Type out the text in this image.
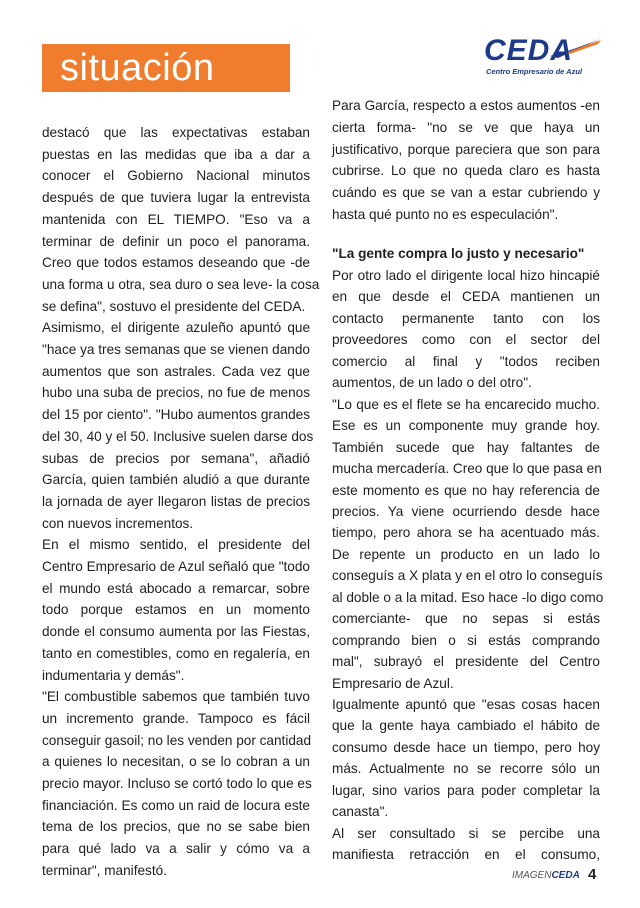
situación	CEDA
Centro Empresario de Azul
destacó que las expectativas estaban
puestas en las medidas que iba a dar a
conocer el Gobierno Nacional minutos
después de que tuviera lugar la entrevista
mantenida con EL TIEMPO. "Eso va a
terminar de definir un poco el panorama.
Creo que todos estamos deseando que -de
una forma u otra, sea duro o sea leve- la cosa
se defina", sostuvo el presidente del CEDA.
Asimismo, el dirigente azuleño apuntó que
"hace ya tres semanas que se vienen dando
aumentos que son astrales. Cada vez que
hubo una suba de precios, no fue de menos
del 15 por ciento". "Hubo aumentos grandes
del 30, 40 y el 50. Inclusive suelen darse dos
subas de precios por semana", añadió
García, quien también aludió a que durante
la jornada de ayer llegaron listas de precios
con nuevos incrementos.
En el mismo sentido, el presidente del
Centro Empresario de Azul señaló que "todo
el mundo está abocado a remarcar, sobre
todo porque estamos en un momento
donde el consumo aumenta por las Fiestas,
tanto en comestibles, como en regalería, en
indumentaria y demás".
"El combustible sabemos que también tuvo
un incremento grande. Tampoco es fácil
conseguir gasoil; no les venden por cantidad
a quienes lo necesitan, o se lo cobran a un
precio mayor. Incluso se cortó todo lo que es
financiación. Es como un raid de locura este
tema de los precios, que no se sabe bien
para qué lado va a salir y cómo va a
terminar", manifestó.
Para García, respecto a estos aumentos -en
cierta forma- "no se ve que haya un
justificativo, porque pareciera que son para
cubrirse. Lo que no queda claro es hasta
cuándo es que se van a estar cubriendo y
hasta qué punto no es especulación".
"La gente compra lo justo y necesario"
Por otro lado el dirigente local hizo hincapié
en que desde el CEDA mantienen un
contacto permanente tanto con los
proveedores como con el sector del
comercio al final y "todos reciben
aumentos, de un lado o del otro".
"Lo que es el flete se ha encarecido mucho.
Ese es un componente muy grande hoy.
También sucede que hay faltantes de
mucha mercadería. Creo que lo que pasa en
este momento es que no hay referencia de
precios. Ya viene ocurriendo desde hace
tiempo, pero ahora se ha acentuado más.
De repente un producto en un lado lo
conseguís a X plata y en el otro lo conseguís
al doble o a la mitad. Eso hace -lo digo como
comerciante- que no sepas si estás
comprando bien o si estás comprando
mal", subrayó el presidente del Centro
Empresario de Azul.
Igualmente apuntó que "esas cosas hacen
que la gente haya cambiado el hábito de
consumo desde hace un tiempo, pero hoy
más. Actualmente no se recorre sólo un
lugar, sino varios para poder completar la
canasta".
Al ser consultado si se percibe una
manifiesta retracción en el consumo,
IMAGENCEDA 4
